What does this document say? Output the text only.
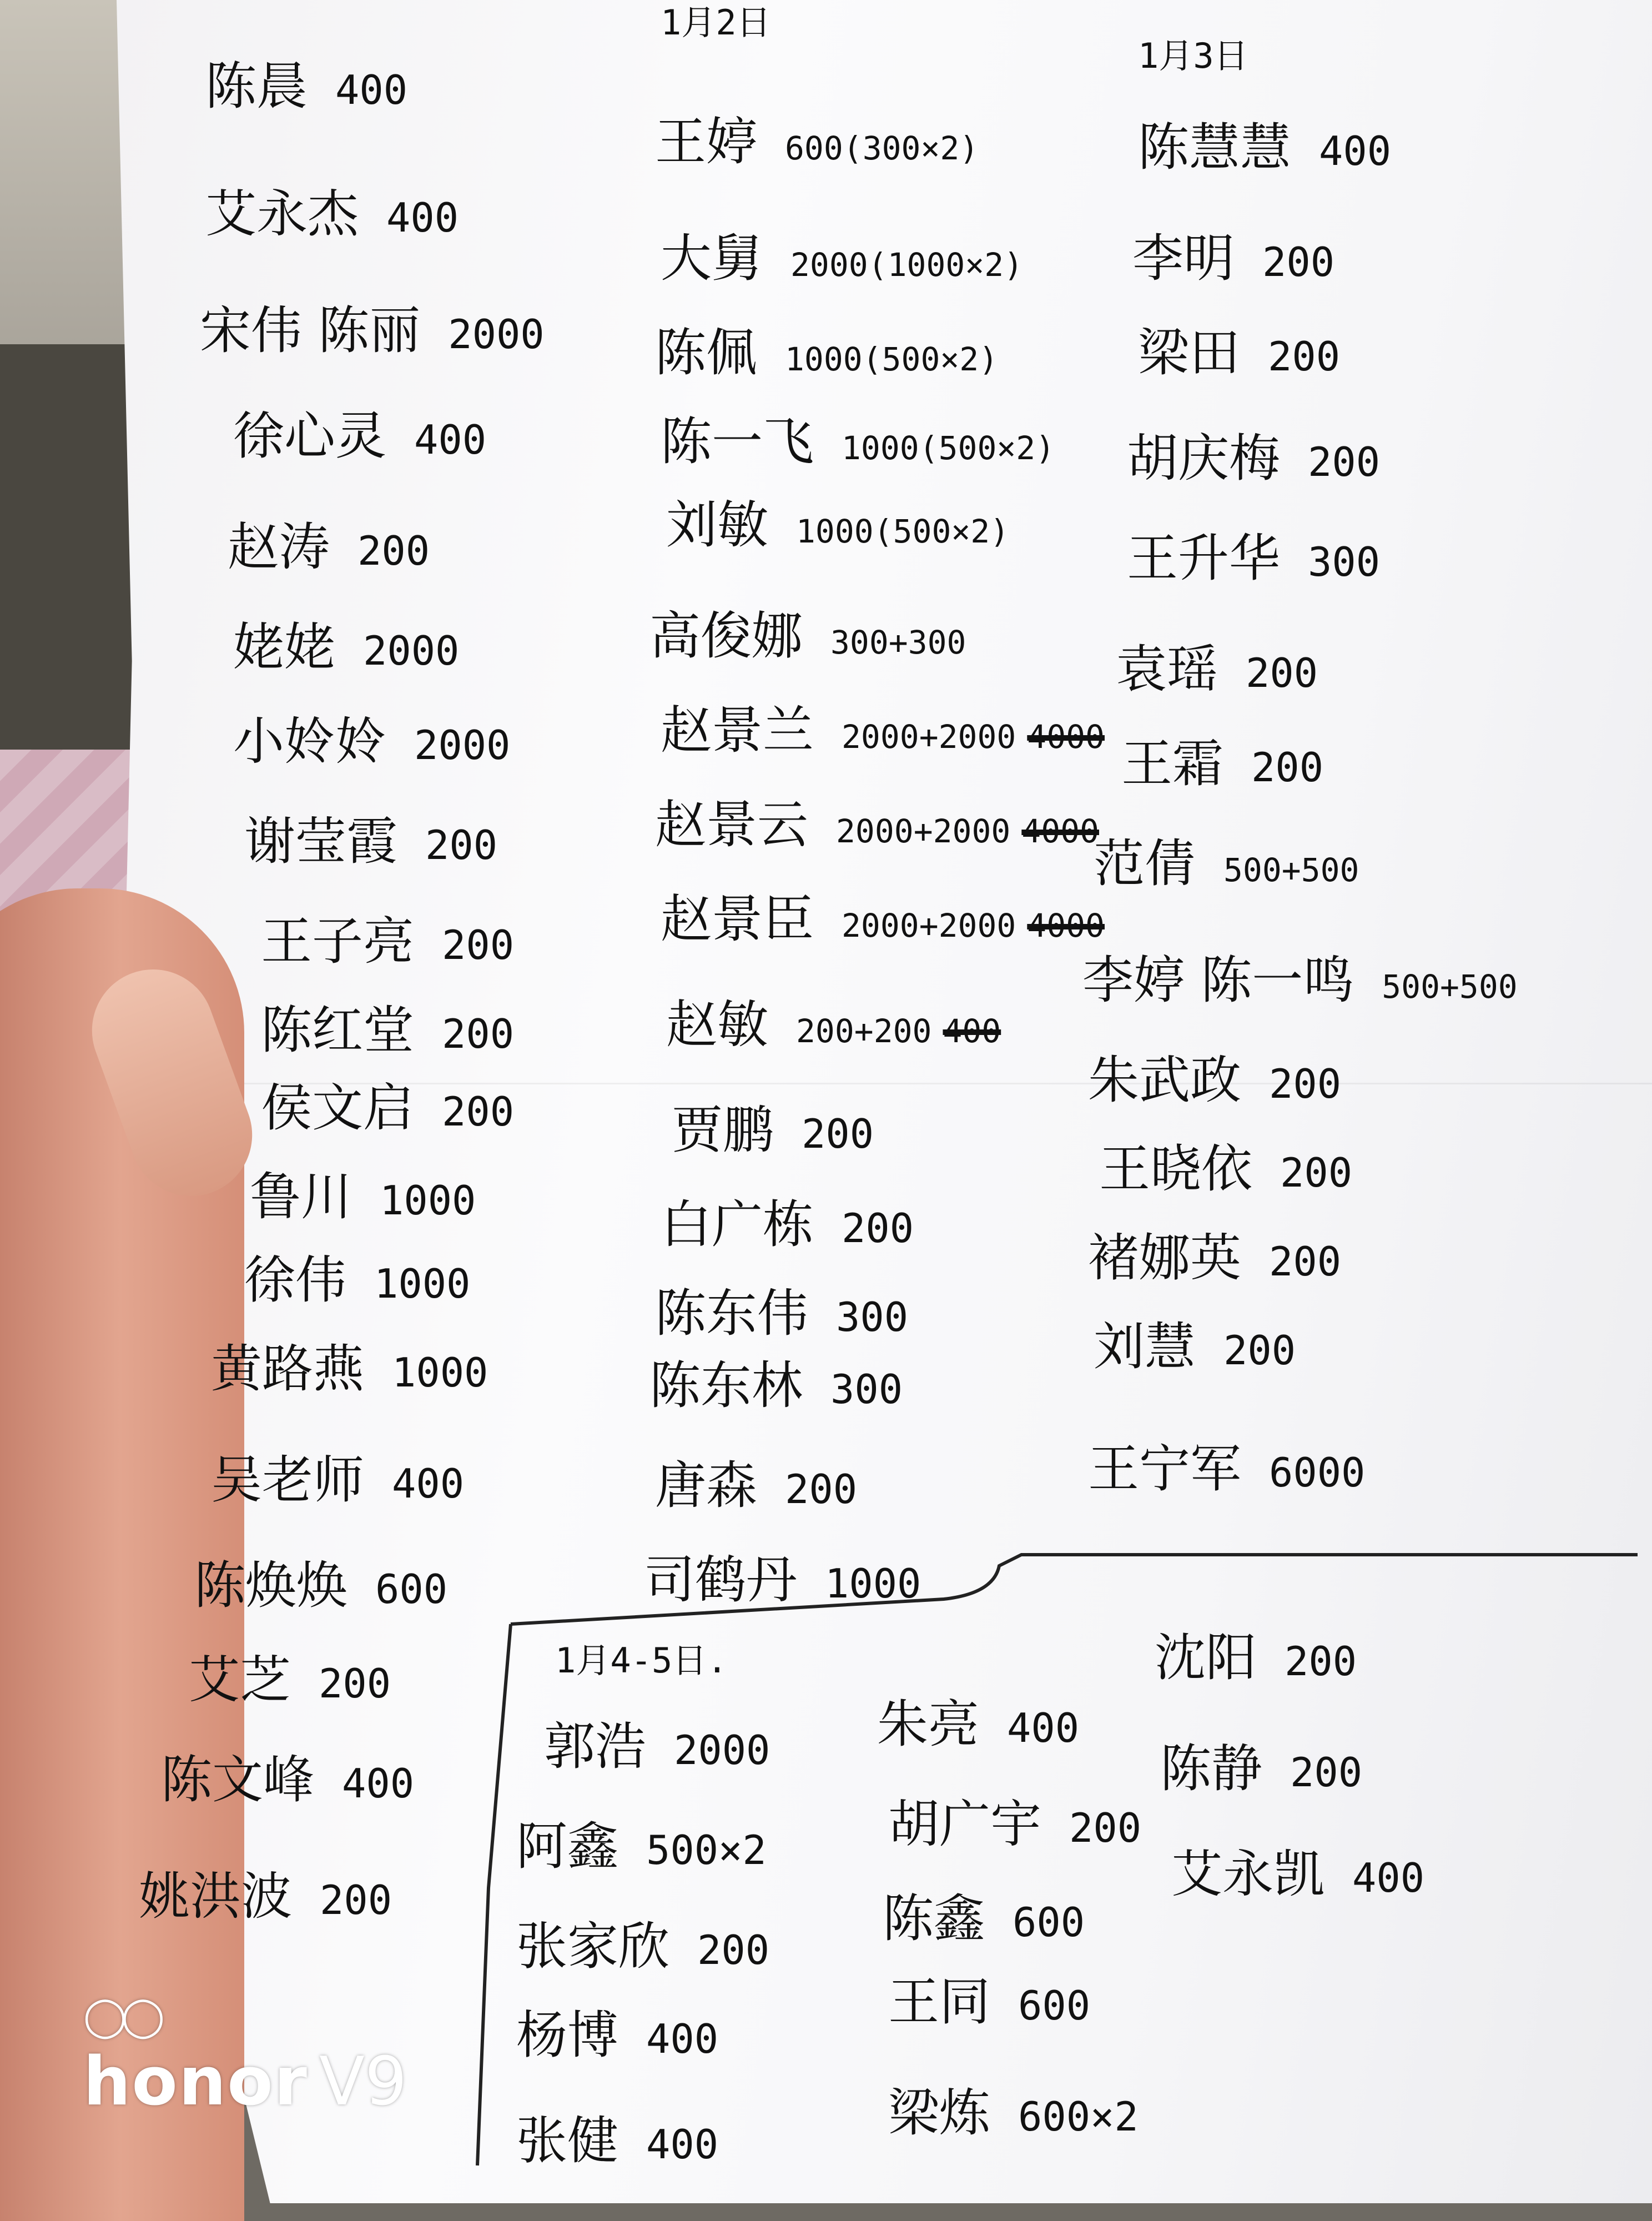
陈晨 400
艾永杰 400
宋伟 陈丽 2000
徐心灵 400
赵涛 200
姥姥 2000
小姈姈 2000
谢莹霞 200
王子亮 200
陈红堂 200
侯文启 200
鲁川 1000
徐伟 1000
黄路燕 1000
吴老师 400
陈焕焕 600
艾芝 200
陈文峰 400
姚洪波 200
1月2日
王婷 600(300×2)
大舅 2000(1000×2)
陈佩 1000(500×2)
陈一飞 1000(500×2)
刘敏 1000(500×2)
高俊娜 300+300
赵景兰 2000+2000 4000
赵景云 2000+2000 4000
赵景臣 2000+2000 4000
赵敏 200+200 400
贾鹏 200
白广栋 200
陈东伟 300
陈东林 300
唐森 200
司鹤丹 1000
1月3日
陈慧慧 400
李明 200
梁田 200
胡庆梅 200
王升华 300
袁瑶 200
王霜 200
范倩 500+500
李婷 陈一鸣 500+500
朱武政 200
王晓依 200
褚娜英 200
刘慧 200
王宁军 6000
1月4-5日.
郭浩 2000
阿鑫 500×2
张家欣 200
杨博 400
张健 400
朱亮 400
胡广宇 200
陈鑫 600
王同 600
梁炼 600×2
沈阳 200
陈静 200
艾永凯 400
◯◯
honor V9
